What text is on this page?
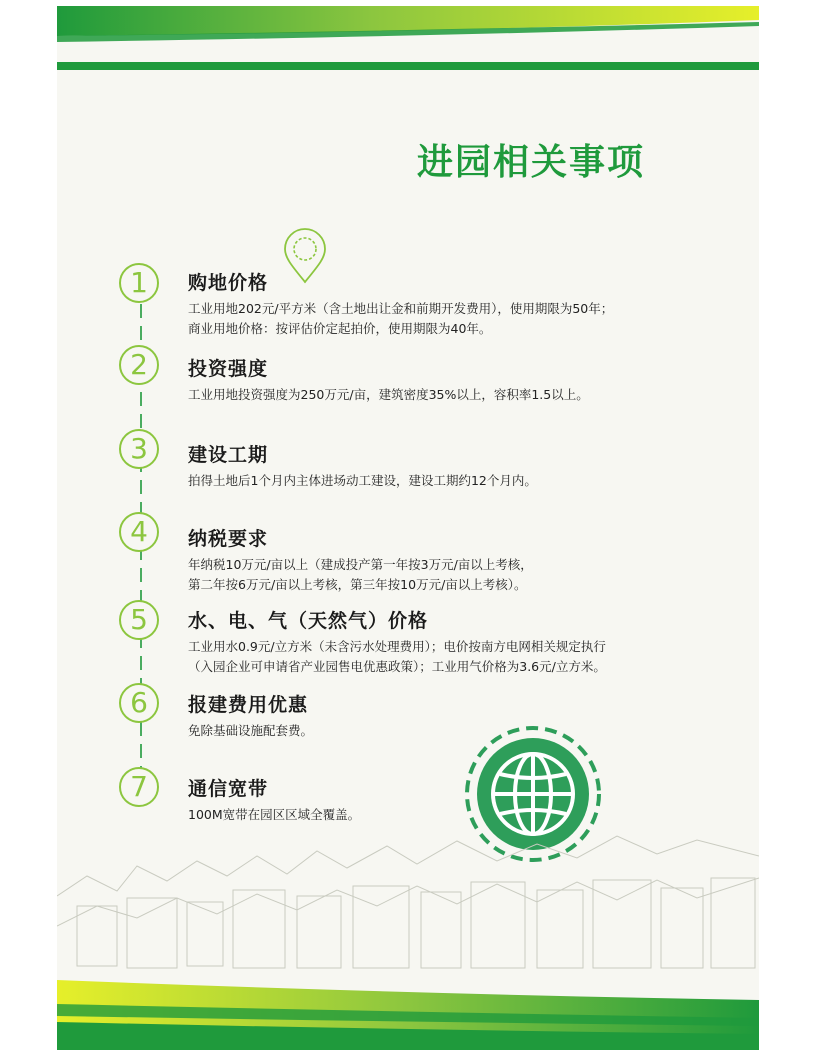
进园相关事项
1
2
3
4
5
6
7
购地价格

工业用地202元/平方米（含土地出让金和前期开发费用），使用期限为50年；

商业用地价格：按评估价定起拍价，使用期限为40年。

投资强度

工业用地投资强度为250万元/亩，建筑密度35%以上，容积率1.5以上。

建设工期

拍得土地后1个月内主体进场动工建设，建设工期约12个月内。

纳税要求

年纳税10万元/亩以上（建成投产第一年按3万元/亩以上考核，

第二年按6万元/亩以上考核，第三年按10万元/亩以上考核）。

水、电、气（天然气）价格

工业用水0.9元/立方米（未含污水处理费用）；电价按南方电网相关规定执行

（入园企业可申请省产业园售电优惠政策）；工业用气价格为3.6元/立方米。

报建费用优惠

免除基础设施配套费。

通信宽带

100M宽带在园区区域全覆盖。
